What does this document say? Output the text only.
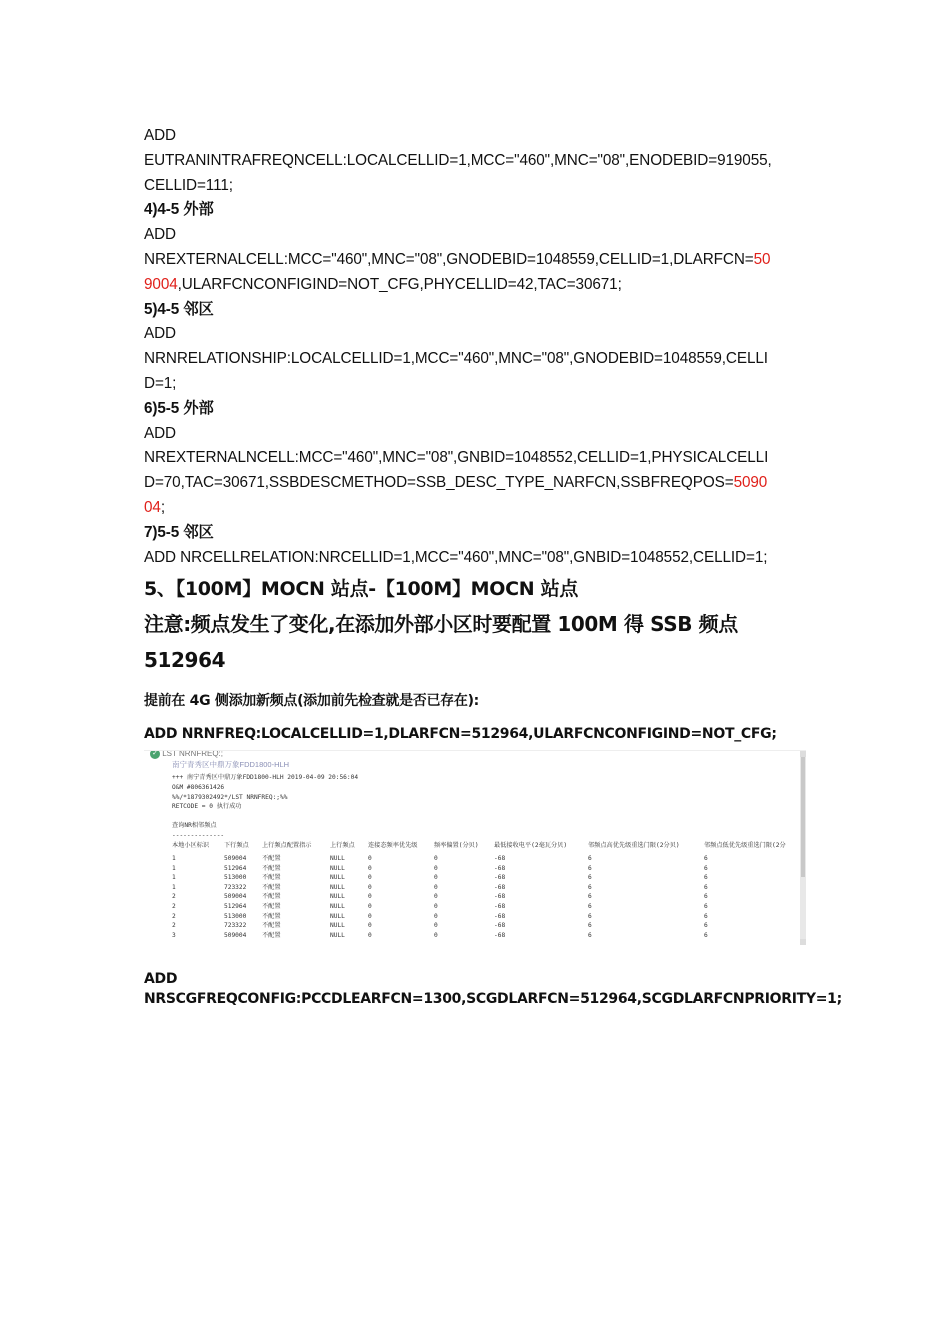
ADD
EUTRANINTRAFREQNCELL:LOCALCELLID=1,MCC="460",MNC="08",ENODEBID=919055,
CELLID=111;
4)4-5 外部
ADD
NREXTERNALCELL:MCC="460",MNC="08",GNODEBID=1048559,CELLID=1,DLARFCN=50
9004,ULARFCNCONFIGIND=NOT_CFG,PHYCELLID=42,TAC=30671;
5)4-5 邻区
ADD
NRNRELATIONSHIP:LOCALCELLID=1,MCC="460",MNC="08",GNODEBID=1048559,CELLI
D=1;
6)5-5 外部
ADD
NREXTERNALNCELL:MCC="460",MNC="08",GNBID=1048552,CELLID=1,PHYSICALCELLI
D=70,TAC=30671,SSBDESCMETHOD=SSB_DESC_TYPE_NARFCN,SSBFREQPOS=5090
04;
7)5-5 邻区
ADD NRCELLRELATION:NRCELLID=1,MCC="460",MNC="08",GNBID=1048552,CELLID=1;
5、【100M】MOCN 站点-【100M】MOCN 站点
注意:频点发生了变化,在添加外部小区时要配置 100M 得 SSB 频点
512964
提前在 4G 侧添加新频点(添加前先检查就是否已存在):
ADD NRNFREQ:LOCALCELLID=1,DLARFCN=512964,ULARFCNCONFIGIND=NOT_CFG;
✓ LST NRNFREQ:;
南宁青秀区中鼎万象FDD1800-HLH
+++ 南宁青秀区中鼎万象FDD1800-HLH 2019-04-09 20:56:04
O&M #806361426
%%/*1879302492*/LST NRNFREQ:;%%
RETCODE = 0 执行成功
查询NR相邻频点
--------------
本地小区标识 下行频点 上行频点配置指示	上行频点 连接态频率优先级	频率偏置(分贝) 最低接收电平(2毫瓦分贝)	邻频点高优先级重选门限(2分贝)	邻频点低优先级重选门限(2分
1	509004	不配置	NULL	0	0	-68	6	6
1	512964	不配置	NULL	0	0	-68	6	6
1	513000	不配置	NULL	0	0	-68	6	6
1	723322	不配置	NULL	0	0	-68	6	6
2	509004	不配置	NULL	0	0	-68	6	6
2	512964	不配置	NULL	0	0	-68	6	6
2	513000	不配置	NULL	0	0	-68	6	6
2	723322	不配置	NULL	0	0	-68	6	6
3	509004	不配置	NULL	0	0	-68	6	6
ADD NRSCGFREQCONFIG:PCCDLEARFCN=1300,SCGDLARFCN=512964,SCGDLARFCNPRIORITY=1;
